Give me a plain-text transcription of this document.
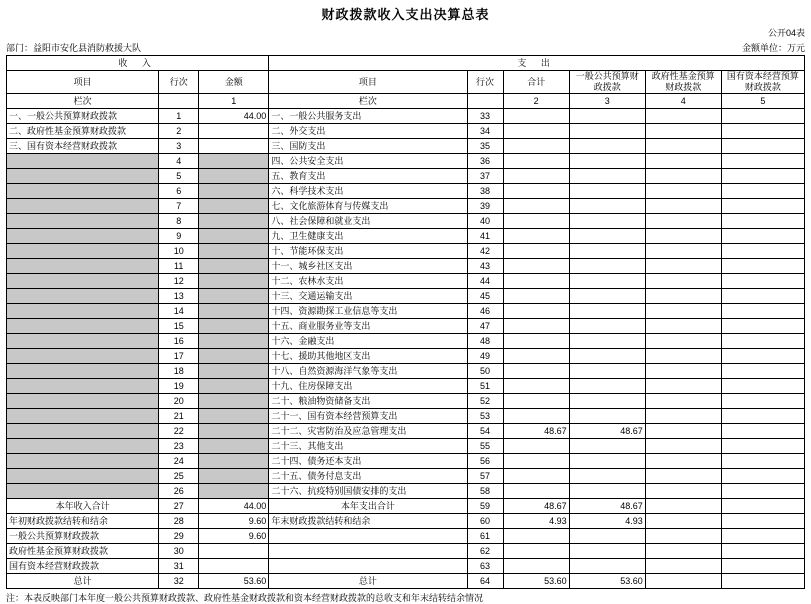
财政拨款收入支出决算总表

公开04表
部门：益阳市安化县消防救援大队	金额单位：万元
收 入			支 出					
项目	行次	金额	项目	行次	合计	一般公共预算财政拨款	政府性基金预算财政拨款	国有资本经营预算财政拨款
栏次		1	栏次		2	3	4	5
一、一般公共预算财政拨款	1	44.00	一、一般公共服务支出	33				
二、政府性基金预算财政拨款	2		二、外交支出	34				
三、国有资本经营财政拨款	3		三、国防支出	35				
	4		四、公共安全支出	36				
	5		五、教育支出	37				
	6		六、科学技术支出	38				
	7		七、文化旅游体育与传媒支出	39				
	8		八、社会保障和就业支出	40				
	9		九、卫生健康支出	41				
	10		十、节能环保支出	42				
	11		十一、城乡社区支出	43				
	12		十二、农林水支出	44				
	13		十三、交通运输支出	45				
	14		十四、资源勘探工业信息等支出	46				
	15		十五、商业服务业等支出	47				
	16		十六、金融支出	48				
	17		十七、援助其他地区支出	49				
	18		十八、自然资源海洋气象等支出	50				
	19		十九、住房保障支出	51				
	20		二十、粮油物资储备支出	52				
	21		二十一、国有资本经营预算支出	53				
	22		二十二、灾害防治及应急管理支出	54	48.67	48.67		
	23		二十三、其他支出	55				
	24		二十四、债务还本支出	56				
	25		二十五、债务付息支出	57				
	26		二十六、抗疫特别国债安排的支出	58				
本年收入合计	27	44.00	本年支出合计	59	48.67	48.67		
年初财政拨款结转和结余	28	9.60	年末财政拨款结转和结余	60	4.93	4.93		
一般公共预算财政拨款	29	9.60		61				
政府性基金预算财政拨款	30			62				
国有资本经营财政拨款	31			63				
总计	32	53.60	总计	64	53.60	53.60		
注：本表反映部门本年度一般公共预算财政拨款、政府性基金财政拨款和资本经营财政拨款的总收支和年末结转结余情况
